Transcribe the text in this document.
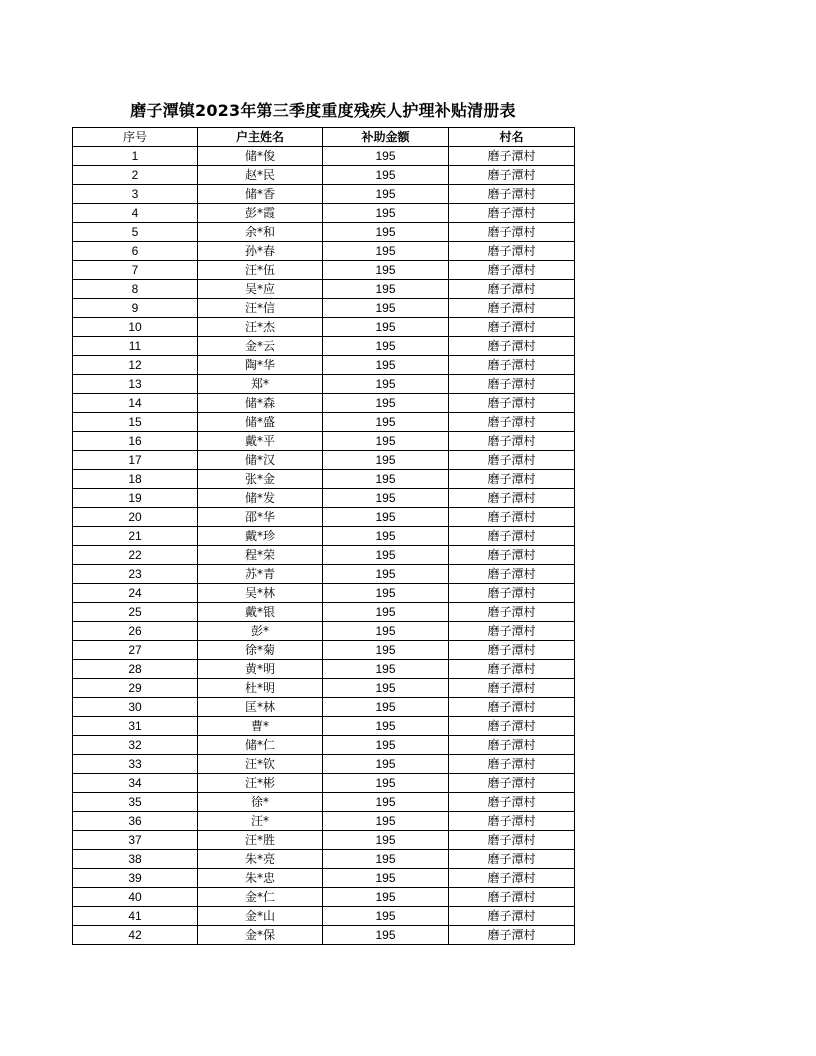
磨子潭镇2023年第三季度重度残疾人护理补贴清册表
序号	户主姓名	补助金额	村名
1	储*俊	195	磨子潭村
2	赵*民	195	磨子潭村
3	储*香	195	磨子潭村
4	彭*霞	195	磨子潭村
5	余*和	195	磨子潭村
6	孙*春	195	磨子潭村
7	汪*伍	195	磨子潭村
8	吴*应	195	磨子潭村
9	汪*信	195	磨子潭村
10	汪*杰	195	磨子潭村
11	金*云	195	磨子潭村
12	陶*华	195	磨子潭村
13	郑*	195	磨子潭村
14	储*森	195	磨子潭村
15	储*盛	195	磨子潭村
16	戴*平	195	磨子潭村
17	储*汉	195	磨子潭村
18	张*金	195	磨子潭村
19	储*发	195	磨子潭村
20	邵*华	195	磨子潭村
21	戴*珍	195	磨子潭村
22	程*荣	195	磨子潭村
23	苏*青	195	磨子潭村
24	吴*林	195	磨子潭村
25	戴*银	195	磨子潭村
26	彭*	195	磨子潭村
27	徐*菊	195	磨子潭村
28	黄*明	195	磨子潭村
29	杜*明	195	磨子潭村
30	匡*林	195	磨子潭村
31	曹*	195	磨子潭村
32	储*仁	195	磨子潭村
33	汪*钦	195	磨子潭村
34	汪*彬	195	磨子潭村
35	徐*	195	磨子潭村
36	汪*	195	磨子潭村
37	汪*胜	195	磨子潭村
38	朱*亮	195	磨子潭村
39	朱*忠	195	磨子潭村
40	金*仁	195	磨子潭村
41	金*山	195	磨子潭村
42	金*保	195	磨子潭村
